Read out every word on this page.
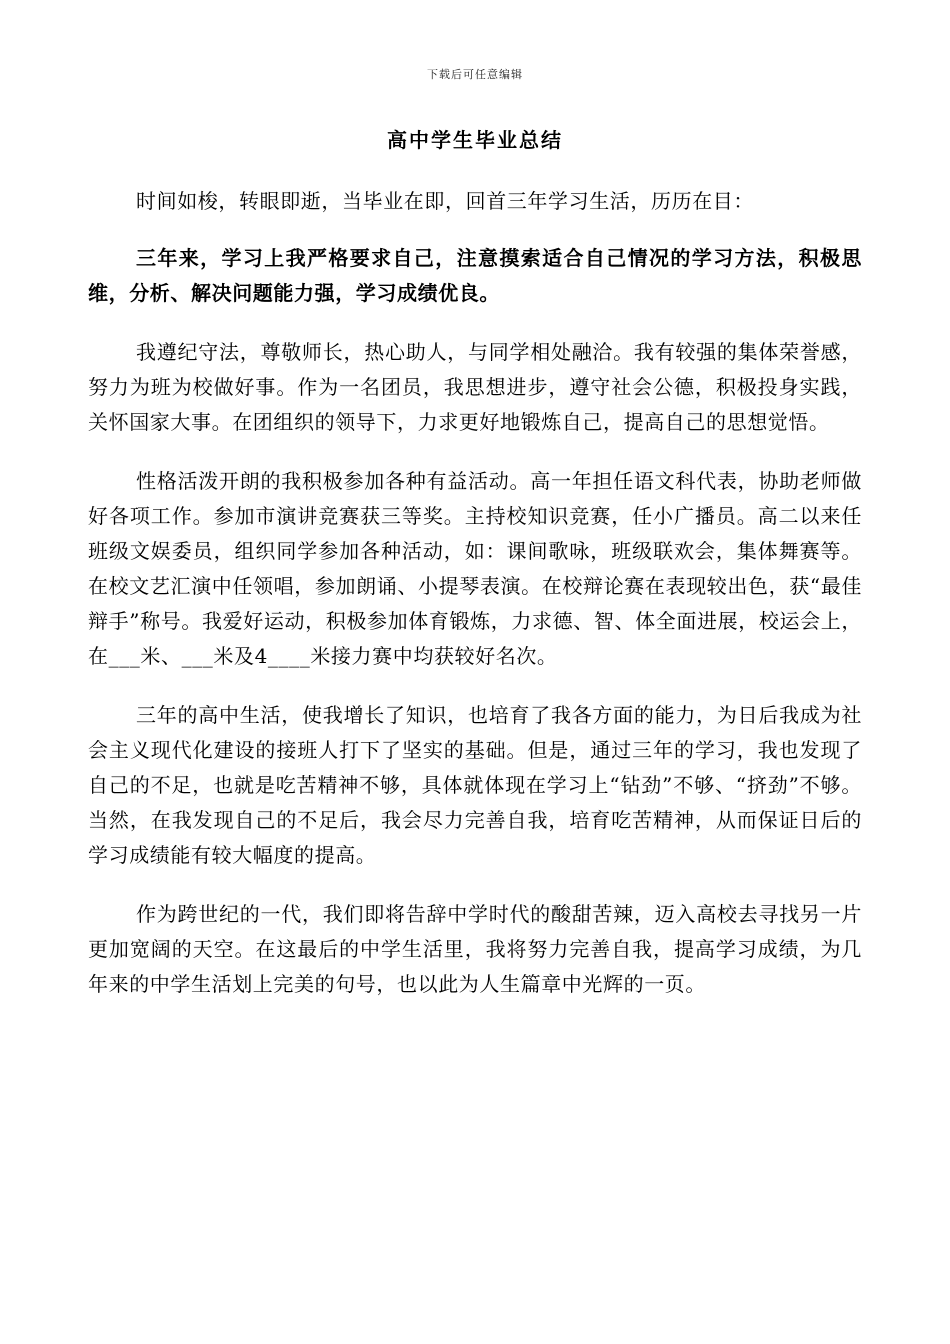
下载后可任意编辑
高中学生毕业总结

时间如梭，转眼即逝，当毕业在即，回首三年学习生活，历历在目：

三年来，学习上我严格要求自己，注意摸索适合自己情况的学习方法，积极思维，分析、解决问题能力强，学习成绩优良。

我遵纪守法，尊敬师长，热心助人，与同学相处融洽。我有较强的集体荣誉感，努力为班为校做好事。作为一名团员，我思想进步，遵守社会公德，积极投身实践，关怀国家大事。在团组织的领导下，力求更好地锻炼自己，提高自己的思想觉悟。

性格活泼开朗的我积极参加各种有益活动。高一年担任语文科代表，协助老师做好各项工作。参加市演讲竞赛获三等奖。主持校知识竞赛，任小广播员。高二以来任班级文娱委员，组织同学参加各种活动，如：课间歌咏，班级联欢会，集体舞赛等。在校文艺汇演中任领唱，参加朗诵、小提琴表演。在校辩论赛在表现较出色，获“最佳辩手”称号。我爱好运动，积极参加体育锻炼，力求德、智、体全面进展，校运会上，在___米、___米及4____米接力赛中均获较好名次。

三年的高中生活，使我增长了知识，也培育了我各方面的能力，为日后我成为社会主义现代化建设的接班人打下了坚实的基础。但是，通过三年的学习，我也发现了自己的不足，也就是吃苦精神不够，具体就体现在学习上“钻劲”不够、“挤劲”不够。当然，在我发现自己的不足后，我会尽力完善自我，培育吃苦精神，从而保证日后的学习成绩能有较大幅度的提高。

作为跨世纪的一代，我们即将告辞中学时代的酸甜苦辣，迈入高校去寻找另一片更加宽阔的天空。在这最后的中学生活里，我将努力完善自我，提高学习成绩，为几年来的中学生活划上完美的句号，也以此为人生篇章中光辉的一页。
